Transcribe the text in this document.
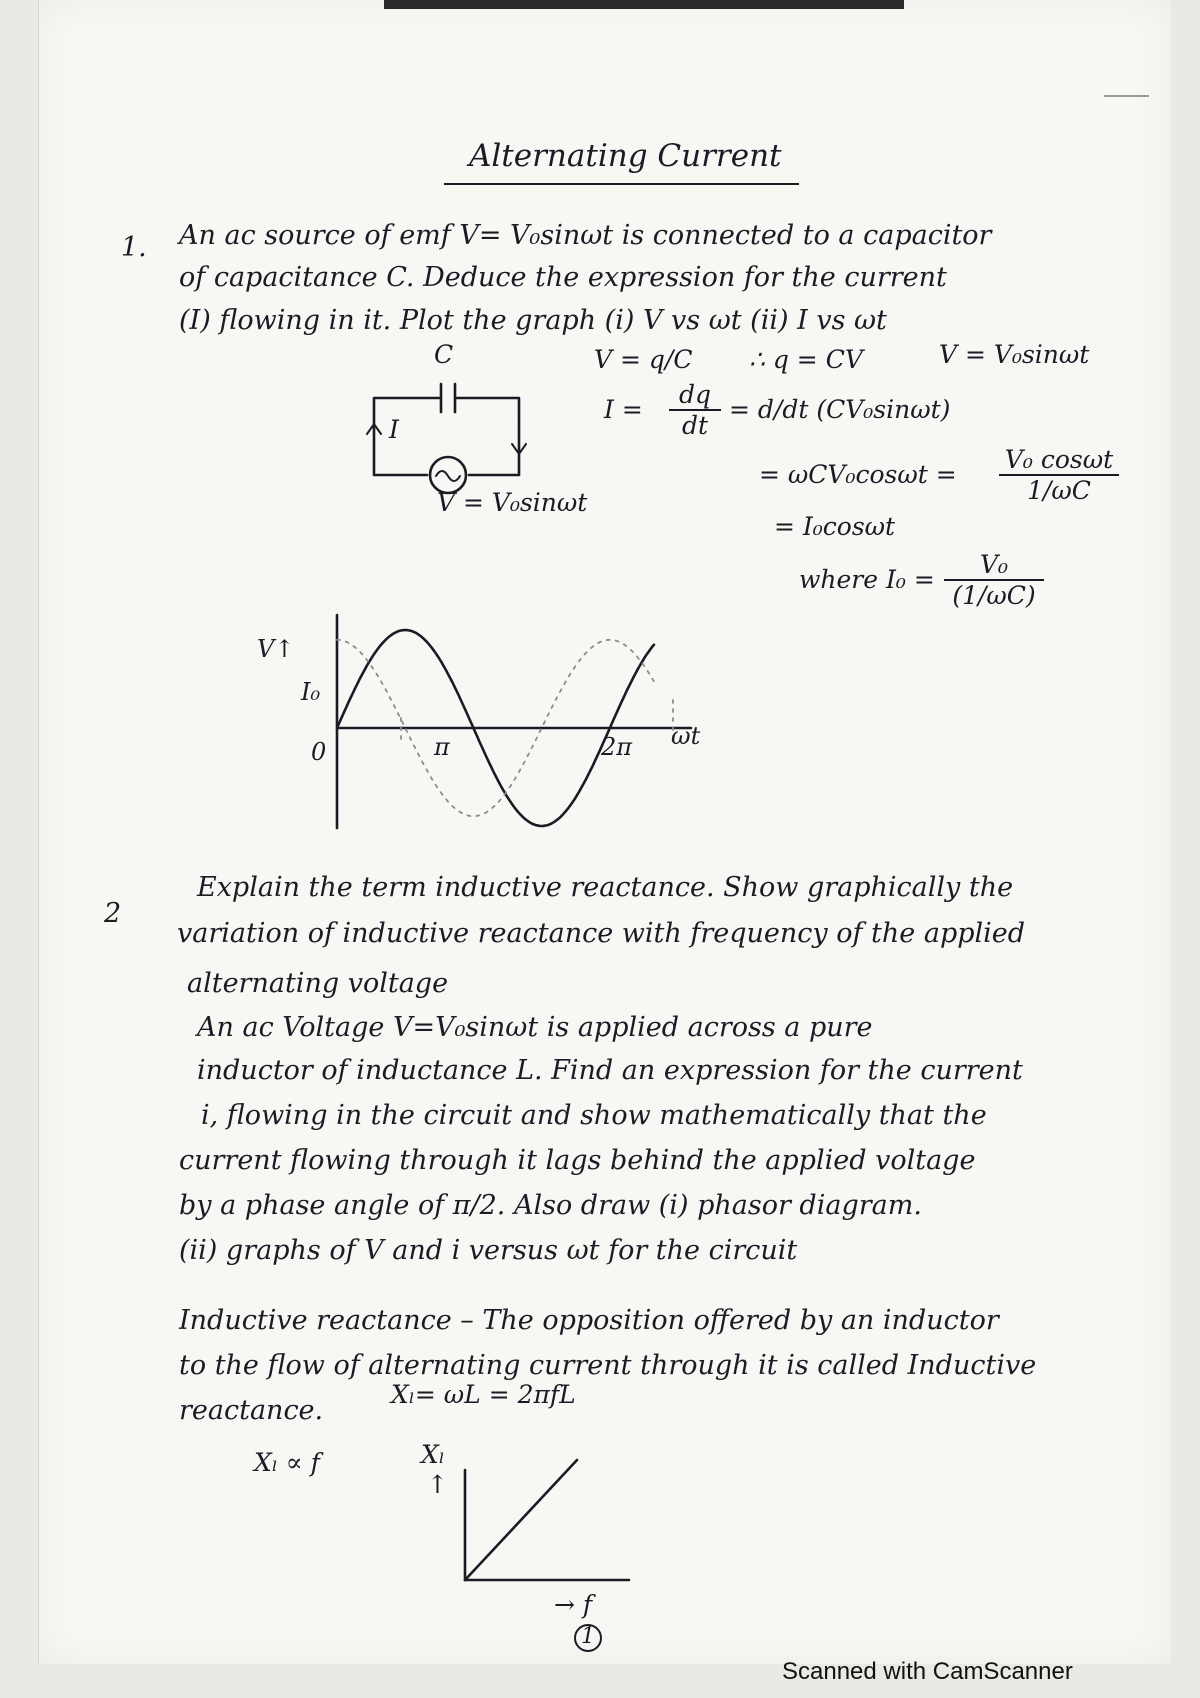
Alternating Current
1. An ac source of emf V= V₀sinωt is connected to a capacitor
of capacitance C. Deduce the expression for the current
(I) flowing in it. Plot the graph (i) V vs ωt (ii) I vs ωt
V = q/C ∴ q = CV	V = V₀sinωt
$I = \frac{dq}{dt} = d/dt$ (CV₀sinωt)
= $\omega CV_0\cos\omega t = \frac{\text{V₀ cosωt}}{1/\omega C}$
= I₀cosωt
where $I_0 = \frac{\text{V₀}}{(1/\omega C)}$
C
I
V = V₀sinωt
V↑
I₀
0	π	2π ωt
2
Explain the term inductive reactance. Show graphically the
variation of inductive reactance with frequency of the applied
alternating voltage
An ac Voltage V=V₀sinωt is applied across a pure
inductor of inductance L. Find an expression for the current
i, flowing in the circuit and show mathematically that the
current flowing through it lags behind the applied voltage
by a phase angle of π/2. Also draw (i) phasor diagram.
(ii) graphs of V and i versus ωt for the circuit
Inductive reactance – The opposition offered by an inductor
to the flow of alternating current through it is called Inductive
reactance.
Xₗ= ωL = 2πfL
Xₗ ∝ f	Xₗ
↑
→ f
1
Scanned with CamScanner
